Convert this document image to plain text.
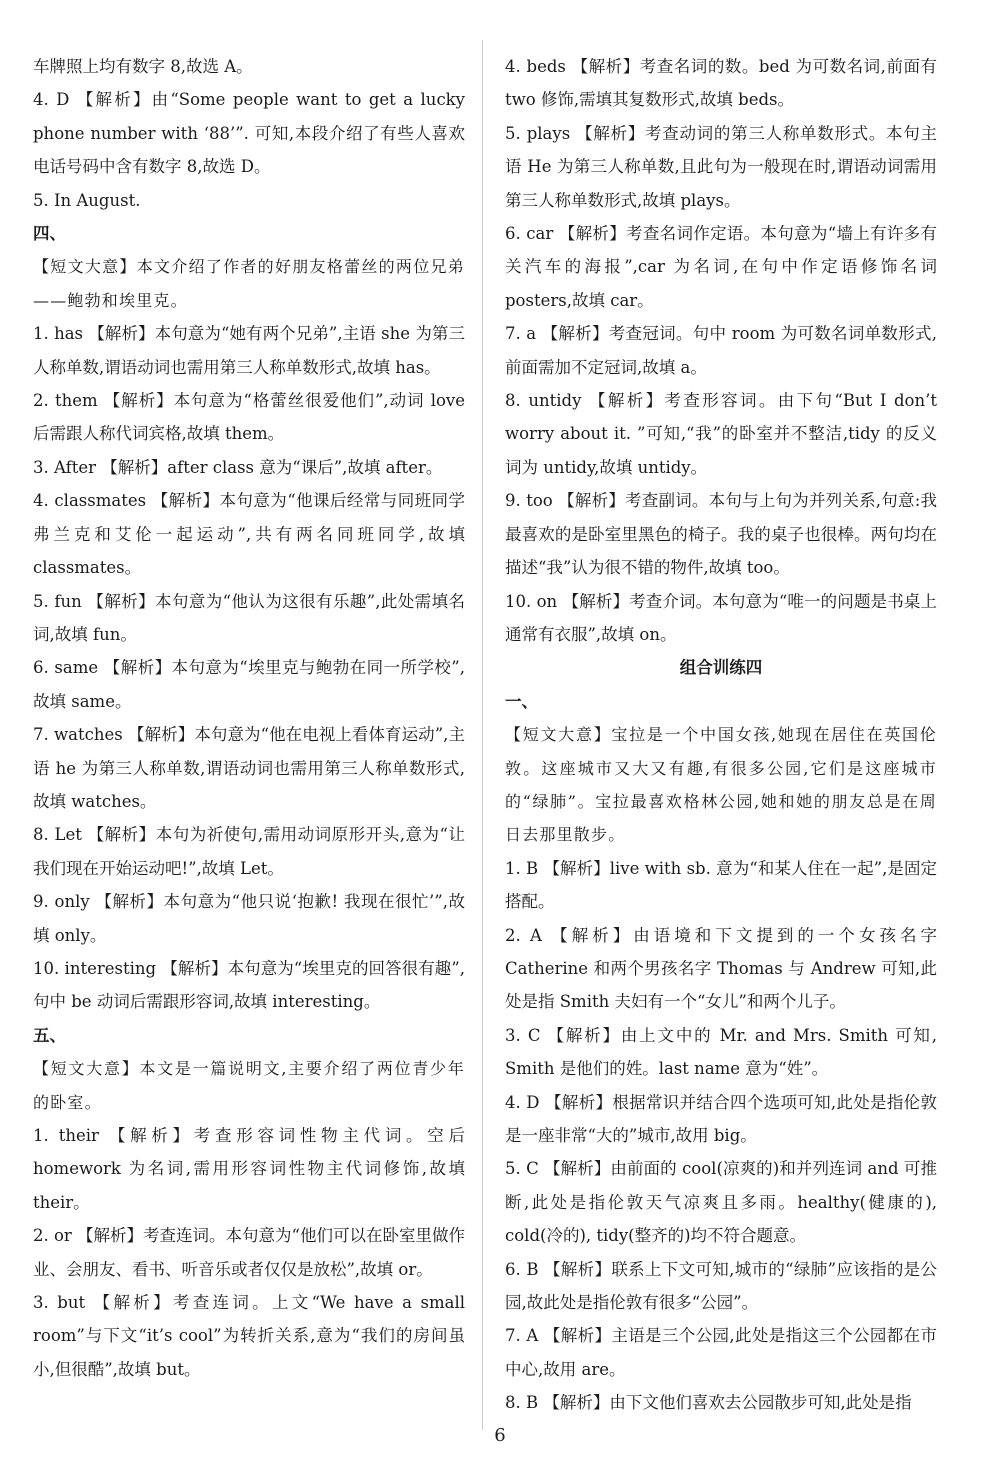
车牌照上均有数字 8,故选 A。

4. D 【解析】由“Some people want to get a lucky phone number with ‘88’”. 可知,本段介绍了有些人喜欢电话号码中含有数字 8,故选 D。

5. In August.

四、

【短文大意】本文介绍了作者的好朋友格蕾丝的两位兄弟——鲍勃和埃里克。

1. has 【解析】本句意为“她有两个兄弟”,主语 she 为第三人称单数,谓语动词也需用第三人称单数形式,故填 has。

2. them 【解析】本句意为“格蕾丝很爱他们”,动词 love 后需跟人称代词宾格,故填 them。

3. After 【解析】after class 意为“课后”,故填 after。

4. classmates 【解析】本句意为“他课后经常与同班同学弗兰克和艾伦一起运动”,共有两名同班同学,故填 classmates。

5. fun 【解析】本句意为“他认为这很有乐趣”,此处需填名词,故填 fun。

6. same 【解析】本句意为“埃里克与鲍勃在同一所学校”,故填 same。

7. watches 【解析】本句意为“他在电视上看体育运动”,主语 he 为第三人称单数,谓语动词也需用第三人称单数形式,故填 watches。

8. Let 【解析】本句为祈使句,需用动词原形开头,意为“让我们现在开始运动吧!”,故填 Let。

9. only 【解析】本句意为“他只说‘抱歉! 我现在很忙’”,故填 only。

10. interesting 【解析】本句意为“埃里克的回答很有趣”,句中 be 动词后需跟形容词,故填 interesting。

五、

【短文大意】本文是一篇说明文,主要介绍了两位青少年的卧室。

1. their 【解析】考查形容词性物主代词。空后 homework 为名词,需用形容词性物主代词修饰,故填 their。

2. or 【解析】考查连词。本句意为“他们可以在卧室里做作业、会朋友、看书、听音乐或者仅仅是放松”,故填 or。

3. but 【解析】考查连词。上文“We have a small room”与下文“it’s cool”为转折关系,意为“我们的房间虽小,但很酷”,故填 but。

4. beds 【解析】考查名词的数。bed 为可数名词,前面有 two 修饰,需填其复数形式,故填 beds。

5. plays 【解析】考查动词的第三人称单数形式。本句主语 He 为第三人称单数,且此句为一般现在时,谓语动词需用第三人称单数形式,故填 plays。

6. car 【解析】考查名词作定语。本句意为“墙上有许多有关汽车的海报”,car 为名词,在句中作定语修饰名词 posters,故填 car。

7. a 【解析】考查冠词。句中 room 为可数名词单数形式,前面需加不定冠词,故填 a。

8. untidy 【解析】考查形容词。由下句“But I don’t worry about it. ”可知,“我”的卧室并不整洁,tidy 的反义词为 untidy,故填 untidy。

9. too 【解析】考查副词。本句与上句为并列关系,句意:我最喜欢的是卧室里黑色的椅子。我的桌子也很棒。两句均在描述“我”认为很不错的物件,故填 too。

10. on 【解析】考查介词。本句意为“唯一的问题是书桌上通常有衣服”,故填 on。

组合训练四

一、

【短文大意】宝拉是一个中国女孩,她现在居住在英国伦敦。这座城市又大又有趣,有很多公园,它们是这座城市的“绿肺”。宝拉最喜欢格林公园,她和她的朋友总是在周日去那里散步。

1. B 【解析】live with sb. 意为“和某人住在一起”,是固定搭配。

2. A 【解析】由语境和下文提到的一个女孩名字 Catherine 和两个男孩名字 Thomas 与 Andrew 可知,此处是指 Smith 夫妇有一个“女儿”和两个儿子。

3. C 【解析】由上文中的 Mr. and Mrs. Smith 可知, Smith 是他们的姓。last name 意为“姓”。

4. D 【解析】根据常识并结合四个选项可知,此处是指伦敦是一座非常“大的”城市,故用 big。

5. C 【解析】由前面的 cool(凉爽的)和并列连词 and 可推断,此处是指伦敦天气凉爽且多雨。healthy(健康的), cold(冷的), tidy(整齐的)均不符合题意。

6. B 【解析】联系上下文可知,城市的“绿肺”应该指的是公园,故此处是指伦敦有很多“公园”。

7. A 【解析】主语是三个公园,此处是指这三个公园都在市中心,故用 are。

8. B 【解析】由下文他们喜欢去公园散步可知,此处是指

6
